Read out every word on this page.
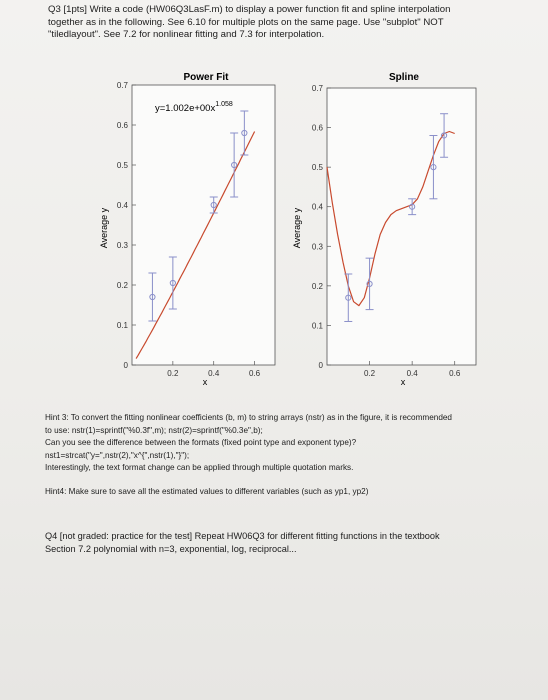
Q3 [1pts] Write a code (HW06Q3LasF.m) to display a power function fit and spline interpolation
together as in the following. See 6.10 for multiple plots on the same page. Use "subplot" NOT
"tiledlayout". See 7.2 for nonlinear fitting and 7.3 for interpolation.
Power Fit
$y=1.002e+00x^{1.058}$
0
0.1
0.2
0.3
0.4
0.5
0.6
0.7
0.2	0.4	0.6
Average y
x
Spline
0
0.1
0.2
0.3
0.4
0.5
0.6
0.7
0.2	0.4	0.6
Average y
x
Hint 3: To convert the fitting nonlinear coefficients (b, m) to string arrays (nstr) as in the figure, it is recommended
to use: nstr(1)=sprintf("%0.3f",m); nstr(2)=sprintf("%0.3e",b);
Can you see the difference between the formats (fixed point type and exponent type)?
nst1=strcat("y=",nstr(2),"x^{",nstr(1),"}");
Interestingly, the text format change can be applied through multiple quotation marks.
Hint4: Make sure to save all the estimated values to different variables (such as yp1, yp2)
Q4 [not graded: practice for the test] Repeat HW06Q3 for different fitting functions in the textbook
Section 7.2 polynomial with n=3, exponential, log, reciprocal...
